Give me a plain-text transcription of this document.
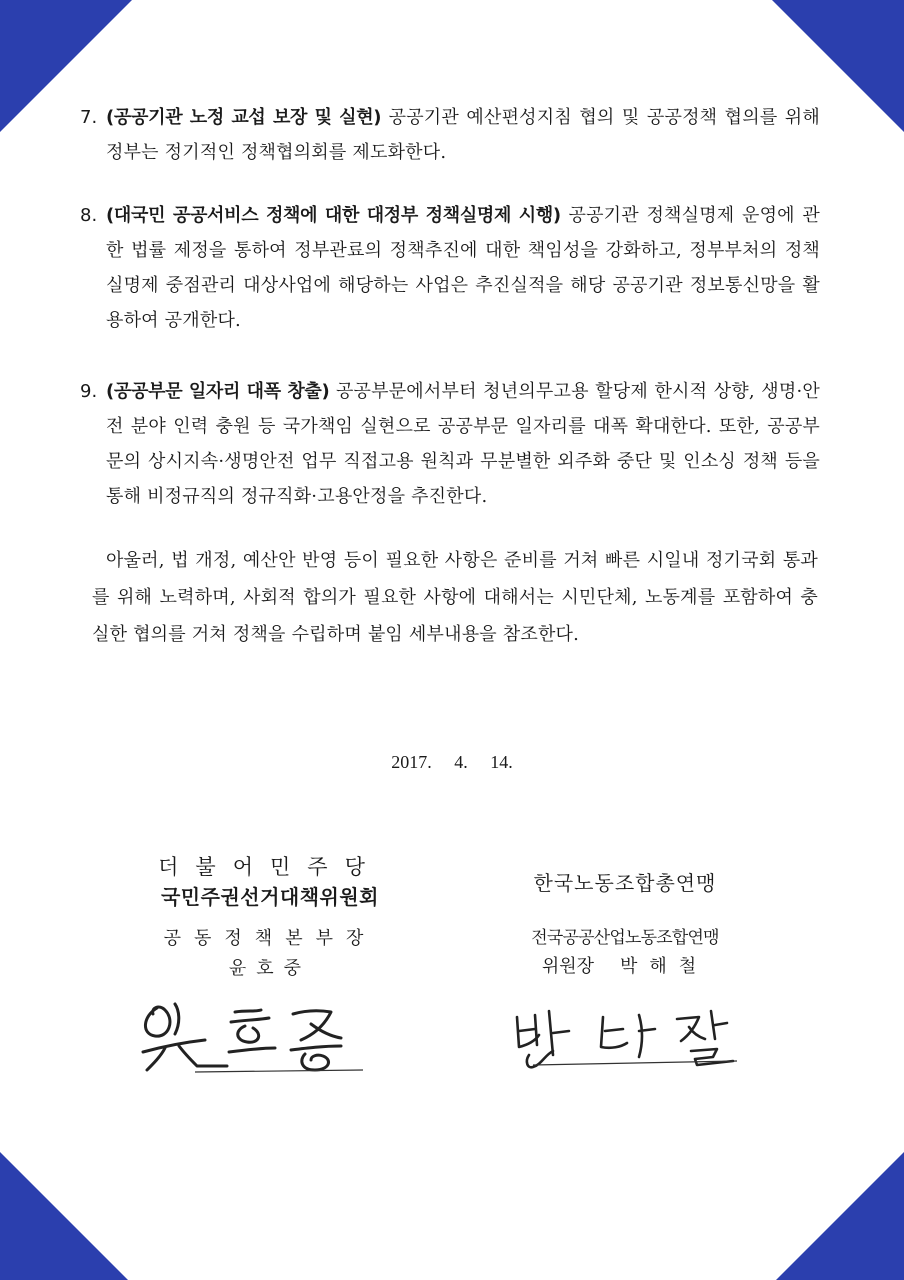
7. (공공기관 노정 교섭 보장 및 실현) 공공기관 예산편성지침 협의 및 공공정책 협의를 위해 정부는 정기적인 정책협의회를 제도화한다.
8. (대국민 공공서비스 정책에 대한 대정부 정책실명제 시행) 공공기관 정책실명제 운영에 관한 법률 제정을 통하여 정부관료의 정책추진에 대한 책임성을 강화하고, 정부부처의 정책실명제 중점관리 대상사업에 해당하는 사업은 추진실적을 해당 공공기관 정보통신망을 활용하여 공개한다.
9. (공공부문 일자리 대폭 창출) 공공부문에서부터 청년의무고용 할당제 한시적 상향, 생명·안전 분야 인력 충원 등 국가책임 실현으로 공공부문 일자리를 대폭 확대한다. 또한, 공공부문의 상시지속·생명안전 업무 직접고용 원칙과 무분별한 외주화 중단 및 인소싱 정책 등을 통해 비정규직의 정규직화·고용안정을 추진한다.
아울러, 법 개정, 예산안 반영 등이 필요한 사항은 준비를 거쳐 빠른 시일내 정기국회 통과를 위해 노력하며, 사회적 합의가 필요한 사항에 대해서는 시민단체, 노동계를 포함하여 충실한 협의를 거쳐 정책을 수립하며 붙임 세부내용을 참조한다.
2017. 4. 14.
더불어민주당
국민주권선거대책위원회
공동정책본부장
윤호중
한국노동조합총연맹
전국공공산업노동조합연맹
위원장 박해철
